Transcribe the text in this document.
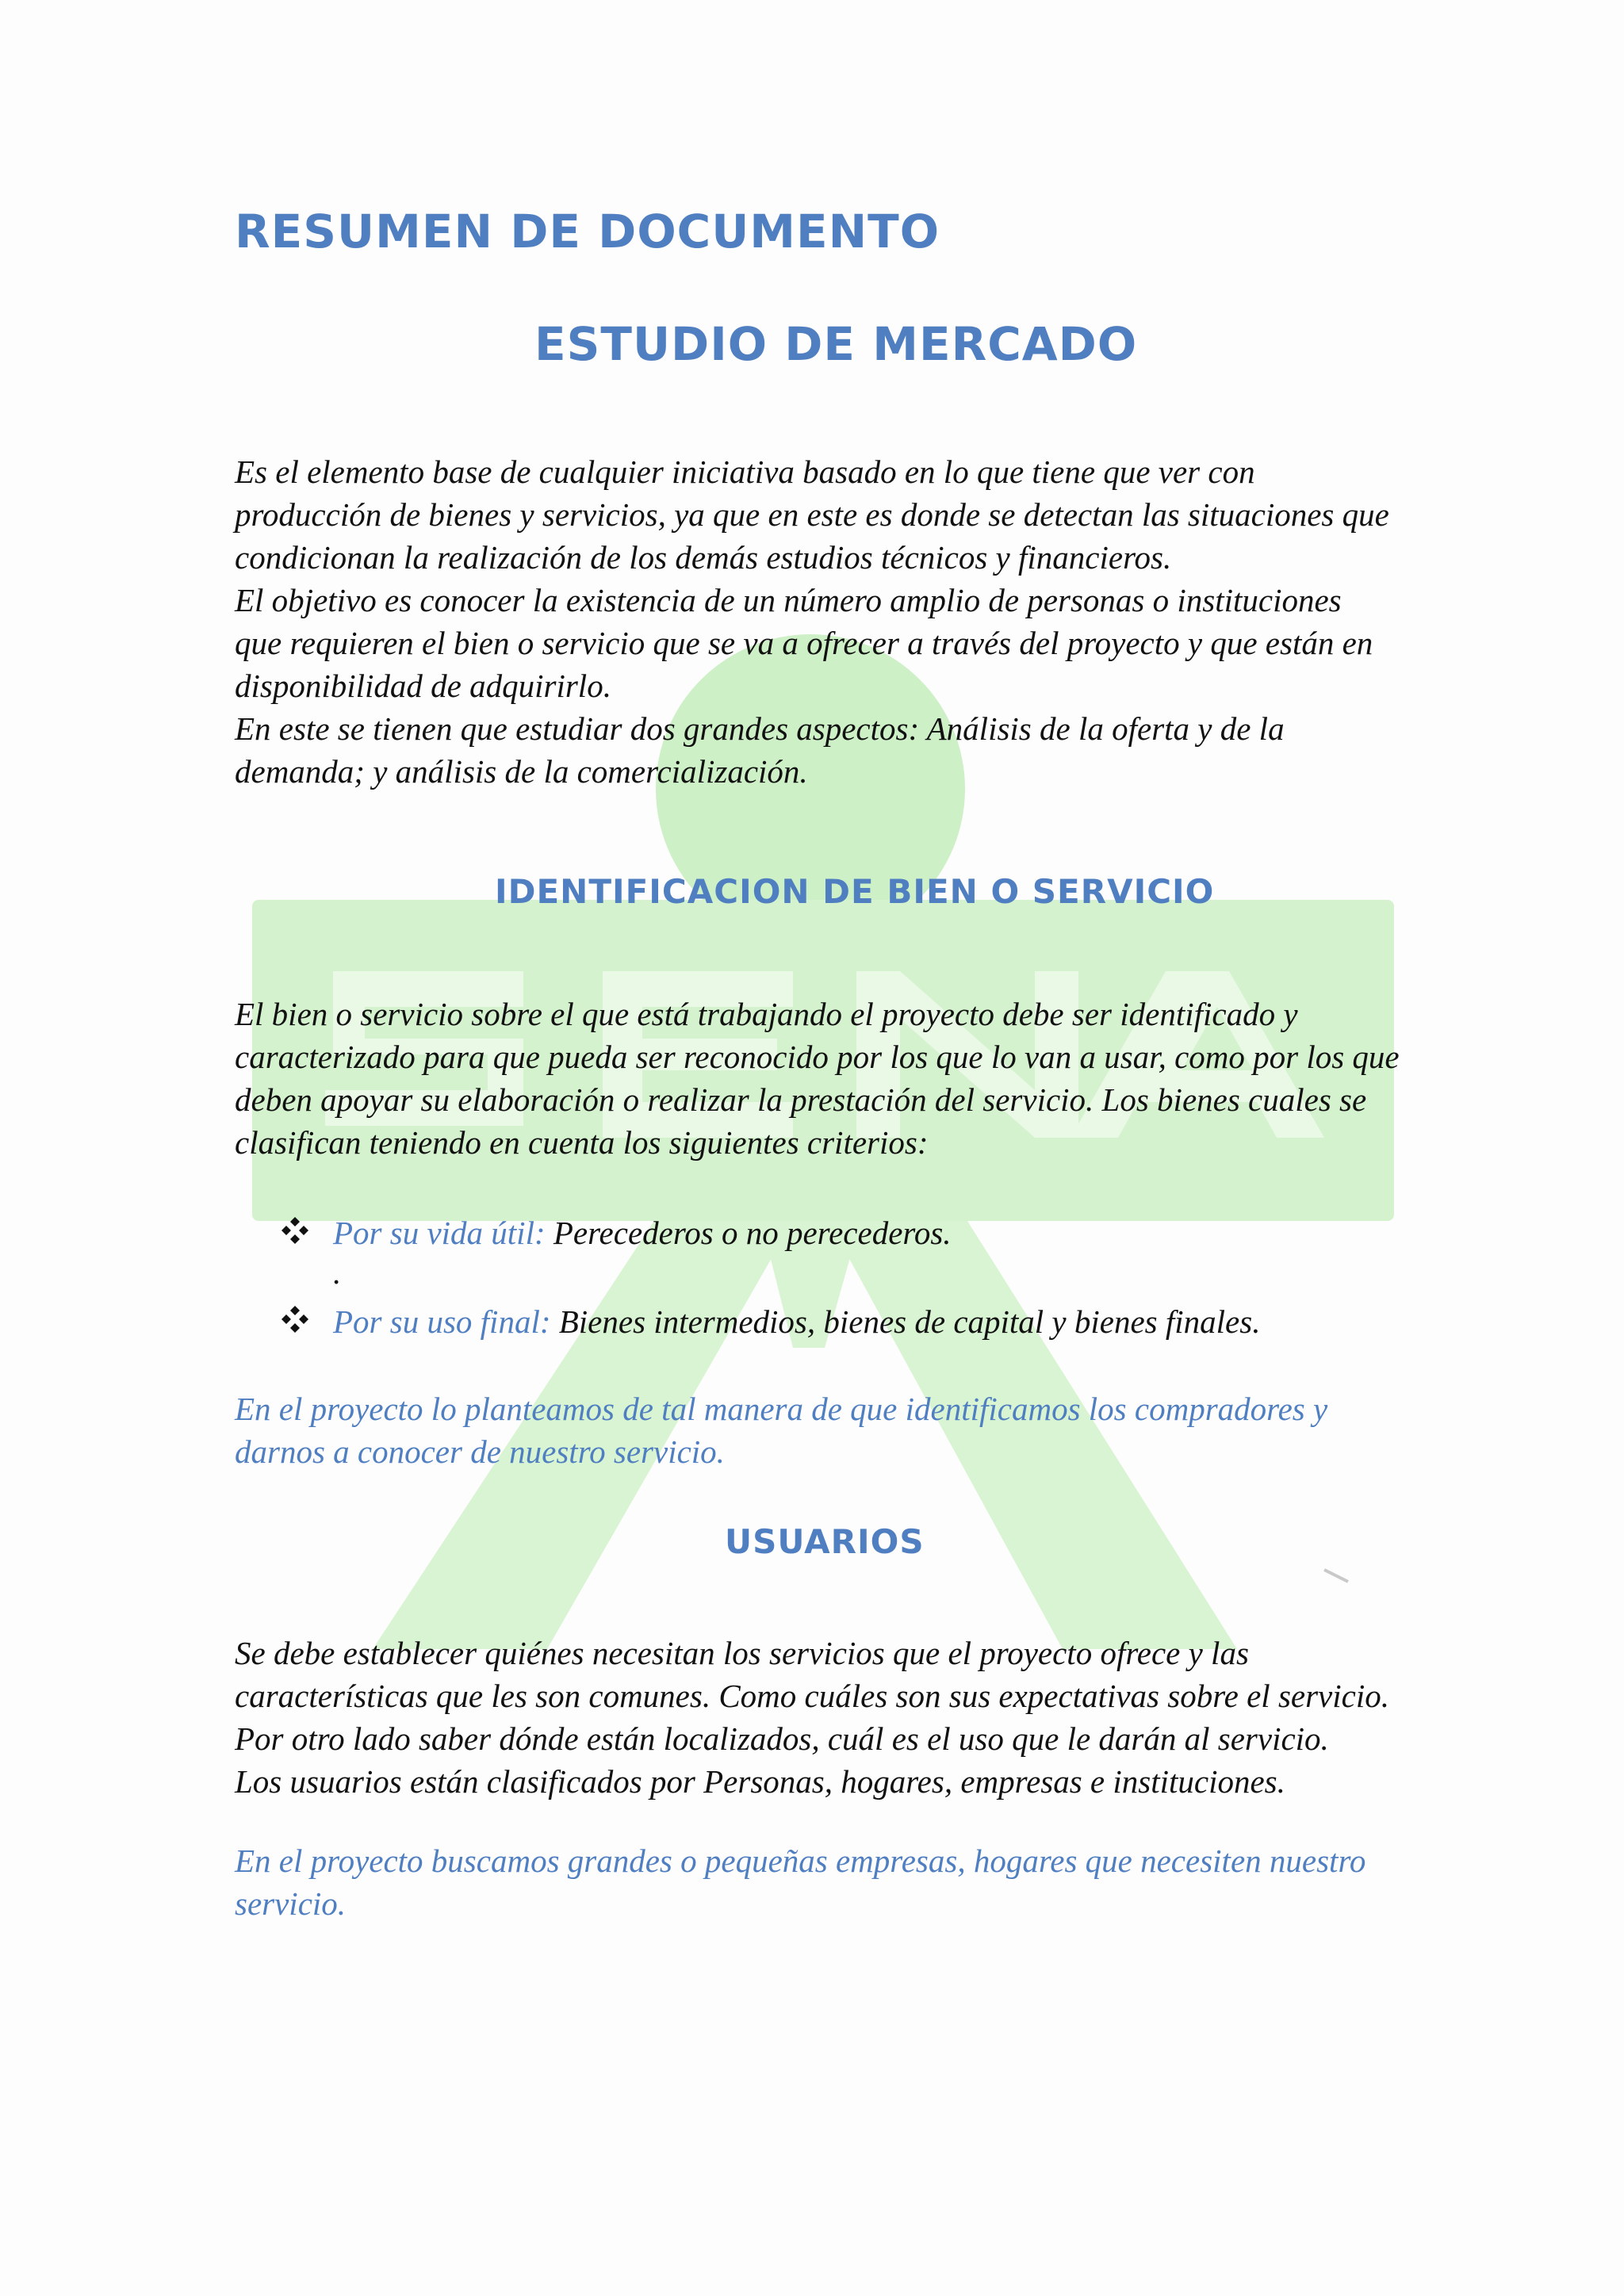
RESUMEN DE DOCUMENTO
ESTUDIO DE MERCADO

Es el elemento base de cualquier iniciativa basado en lo que tiene que ver con
producción de bienes y servicios, ya que en este es donde se detectan las situaciones que
condicionan la realización de los demás estudios técnicos y financieros.
El objetivo es conocer la existencia de un número amplio de personas o instituciones
que requieren el bien o servicio que se va a ofrecer a través del proyecto y que están en
disponibilidad de adquirirlo.
En este se tienen que estudiar dos grandes aspectos: Análisis de la oferta y de la
demanda; y análisis de la comercialización.

IDENTIFICACION DE BIEN O SERVICIO

El bien o servicio sobre el que está trabajando el proyecto debe ser identificado y
caracterizado para que pueda ser reconocido por los que lo van a usar, como por los que
deben apoyar su elaboración o realizar la prestación del servicio. Los bienes cuales se
clasifican teniendo en cuenta los siguientes criterios:

Por su vida útil: Perecederos o no perecederos.
.
Por su uso final: Bienes intermedios, bienes de capital y bienes finales.

En el proyecto lo planteamos de tal manera de que identificamos los compradores y
darnos a conocer de nuestro servicio.

USUARIOS

Se debe establecer quiénes necesitan los servicios que el proyecto ofrece y las
características que les son comunes. Como cuáles son sus expectativas sobre el servicio.
Por otro lado saber dónde están localizados, cuál es el uso que le darán al servicio.
Los usuarios están clasificados por Personas, hogares, empresas e instituciones.

En el proyecto buscamos grandes o pequeñas empresas, hogares que necesiten nuestro
servicio.
